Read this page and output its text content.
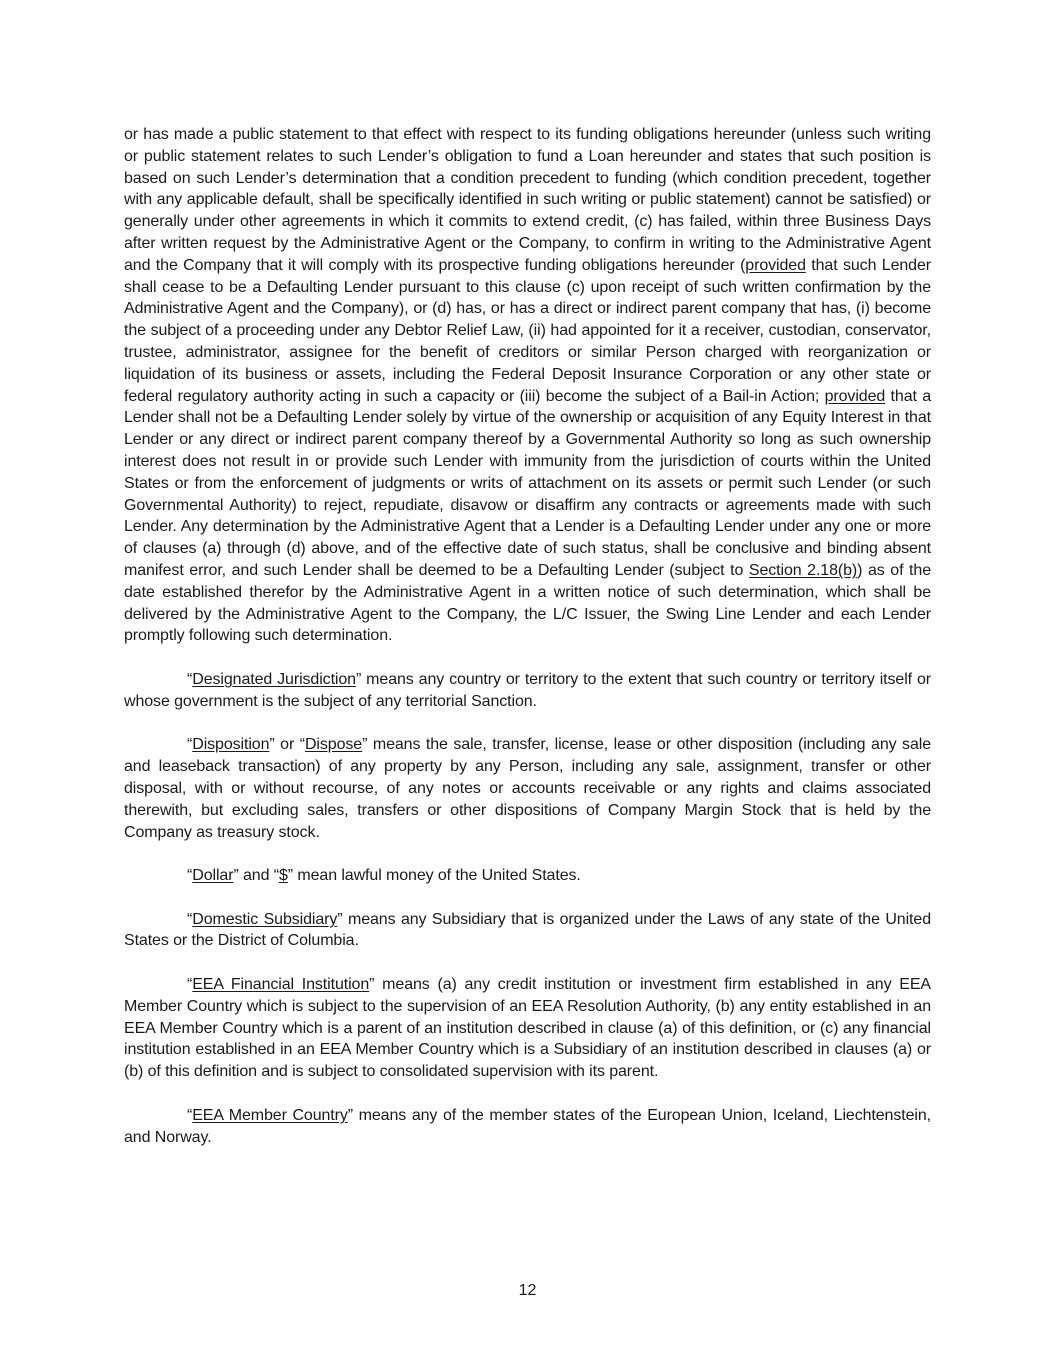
or has made a public statement to that effect with respect to its funding obligations hereunder (unless such writing or public statement relates to such Lender’s obligation to fund a Loan hereunder and states that such position is based on such Lender’s determination that a condition precedent to funding (which condition precedent, together with any applicable default, shall be specifically identified in such writing or public statement) cannot be satisfied) or generally under other agreements in which it commits to extend credit, (c) has failed, within three Business Days after written request by the Administrative Agent or the Company, to confirm in writing to the Administrative Agent and the Company that it will comply with its prospective funding obligations hereunder (provided that such Lender shall cease to be a Defaulting Lender pursuant to this clause (c) upon receipt of such written confirmation by the Administrative Agent and the Company), or (d) has, or has a direct or indirect parent company that has, (i) become the subject of a proceeding under any Debtor Relief Law, (ii) had appointed for it a receiver, custodian, conservator, trustee, administrator, assignee for the benefit of creditors or similar Person charged with reorganization or liquidation of its business or assets, including the Federal Deposit Insurance Corporation or any other state or federal regulatory authority acting in such a capacity or (iii) become the subject of a Bail-in Action; provided that a Lender shall not be a Defaulting Lender solely by virtue of the ownership or acquisition of any Equity Interest in that Lender or any direct or indirect parent company thereof by a Governmental Authority so long as such ownership interest does not result in or provide such Lender with immunity from the jurisdiction of courts within the United States or from the enforcement of judgments or writs of attachment on its assets or permit such Lender (or such Governmental Authority) to reject, repudiate, disavow or disaffirm any contracts or agreements made with such Lender. Any determination by the Administrative Agent that a Lender is a Defaulting Lender under any one or more of clauses (a) through (d) above, and of the effective date of such status, shall be conclusive and binding absent manifest error, and such Lender shall be deemed to be a Defaulting Lender (subject to Section 2.18(b)) as of the date established therefor by the Administrative Agent in a written notice of such determination, which shall be delivered by the Administrative Agent to the Company, the L/C Issuer, the Swing Line Lender and each Lender promptly following such determination.

“Designated Jurisdiction” means any country or territory to the extent that such country or territory itself or whose government is the subject of any territorial Sanction.

“Disposition” or “Dispose” means the sale, transfer, license, lease or other disposition (including any sale and leaseback transaction) of any property by any Person, including any sale, assignment, transfer or other disposal, with or without recourse, of any notes or accounts receivable or any rights and claims associated therewith, but excluding sales, transfers or other dispositions of Company Margin Stock that is held by the Company as treasury stock.

“Dollar” and “$” mean lawful money of the United States.

“Domestic Subsidiary” means any Subsidiary that is organized under the Laws of any state of the United States or the District of Columbia.

“EEA Financial Institution” means (a) any credit institution or investment firm established in any EEA Member Country which is subject to the supervision of an EEA Resolution Authority, (b) any entity established in an EEA Member Country which is a parent of an institution described in clause (a) of this definition, or (c) any financial institution established in an EEA Member Country which is a Subsidiary of an institution described in clauses (a) or (b) of this definition and is subject to consolidated supervision with its parent.

“EEA Member Country” means any of the member states of the European Union, Iceland, Liechtenstein, and Norway.

12
